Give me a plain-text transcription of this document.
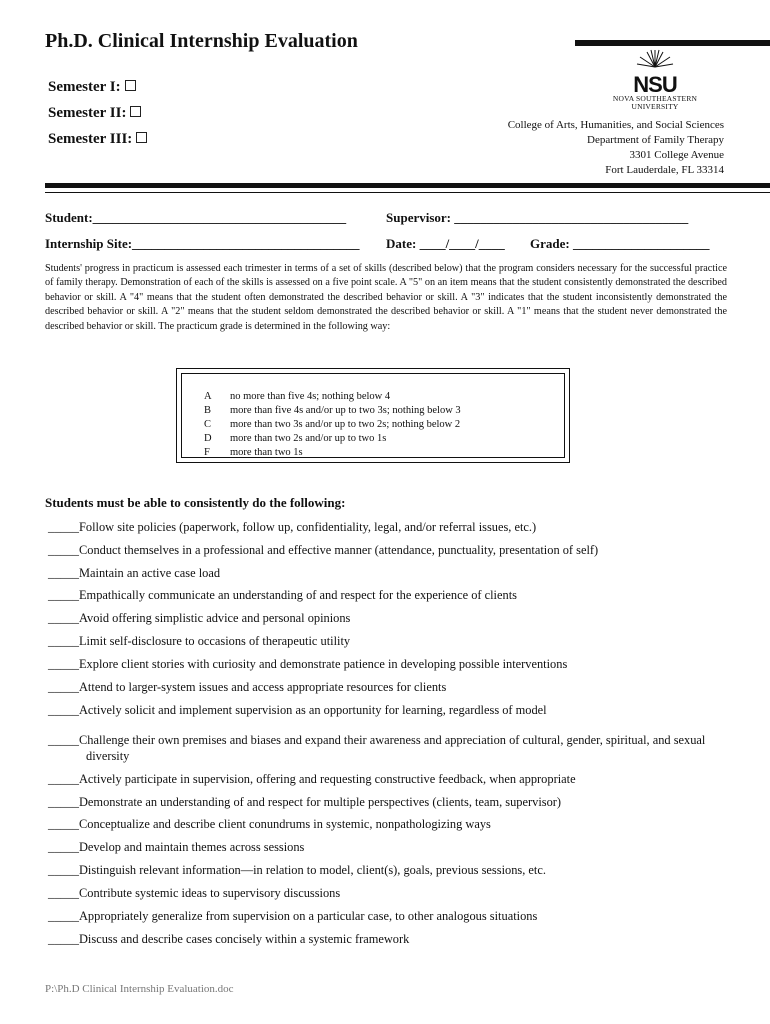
Ph.D. Clinical Internship Evaluation
Semester I:
Semester II:
Semester III:
NSU
NOVA SOUTHEASTERN
UNIVERSITY
College of Arts, Humanities, and Social Sciences
Department of Family Therapy
3301 College Avenue
Fort Lauderdale, FL 33314
Student:_______________________________________	Supervisor: ____________________________________
Internship Site:___________________________________ Date: ____/____/____ Grade: _____________________
Students' progress in practicum is assessed each trimester in terms of a set of skills (described below) that the program considers necessary for the successful practice of family therapy. Demonstration of each of the skills is assessed on a five point scale. A "5" on an item means that the student consistently demonstrated the described behavior or skill. A "4" means that the student often demonstrated the described behavior or skill. A "3" indicates that the student inconsistently demonstrated the described behavior or skill. A "2" means that the student seldom demonstrated the described behavior or skill. A "1" means that the student never demonstrated the described behavior or skill. The practicum grade is determined in the following way:
A no more than five 4s; nothing below 4
B more than five 4s and/or up to two 3s; nothing below 3
C more than two 3s and/or up to two 2s; nothing below 2
D more than two 2s and/or up to two 1s
F more than two 1s
Students must be able to consistently do the following:
_____Follow site policies (paperwork, follow up, confidentiality, legal, and/or referral issues, etc.)
_____Conduct themselves in a professional and effective manner (attendance, punctuality, presentation of self)
_____Maintain an active case load
_____Empathically communicate an understanding of and respect for the experience of clients
_____Avoid offering simplistic advice and personal opinions
_____Limit self-disclosure to occasions of therapeutic utility
_____Explore client stories with curiosity and demonstrate patience in developing possible interventions
_____Attend to larger-system issues and access appropriate resources for clients
_____Actively solicit and implement supervision as an opportunity for learning, regardless of model
_____Challenge their own premises and biases and expand their awareness and appreciation of cultural, gender, spiritual, and sexual diversity
_____Actively participate in supervision, offering and requesting constructive feedback, when appropriate
_____Demonstrate an understanding of and respect for multiple perspectives (clients, team, supervisor)
_____Conceptualize and describe client conundrums in systemic, nonpathologizing ways
_____Develop and maintain themes across sessions
_____Distinguish relevant information—in relation to model, client(s), goals, previous sessions, etc.
_____Contribute systemic ideas to supervisory discussions
_____Appropriately generalize from supervision on a particular case, to other analogous situations
_____Discuss and describe cases concisely within a systemic framework
P:\Ph.D Clinical Internship Evaluation.doc
